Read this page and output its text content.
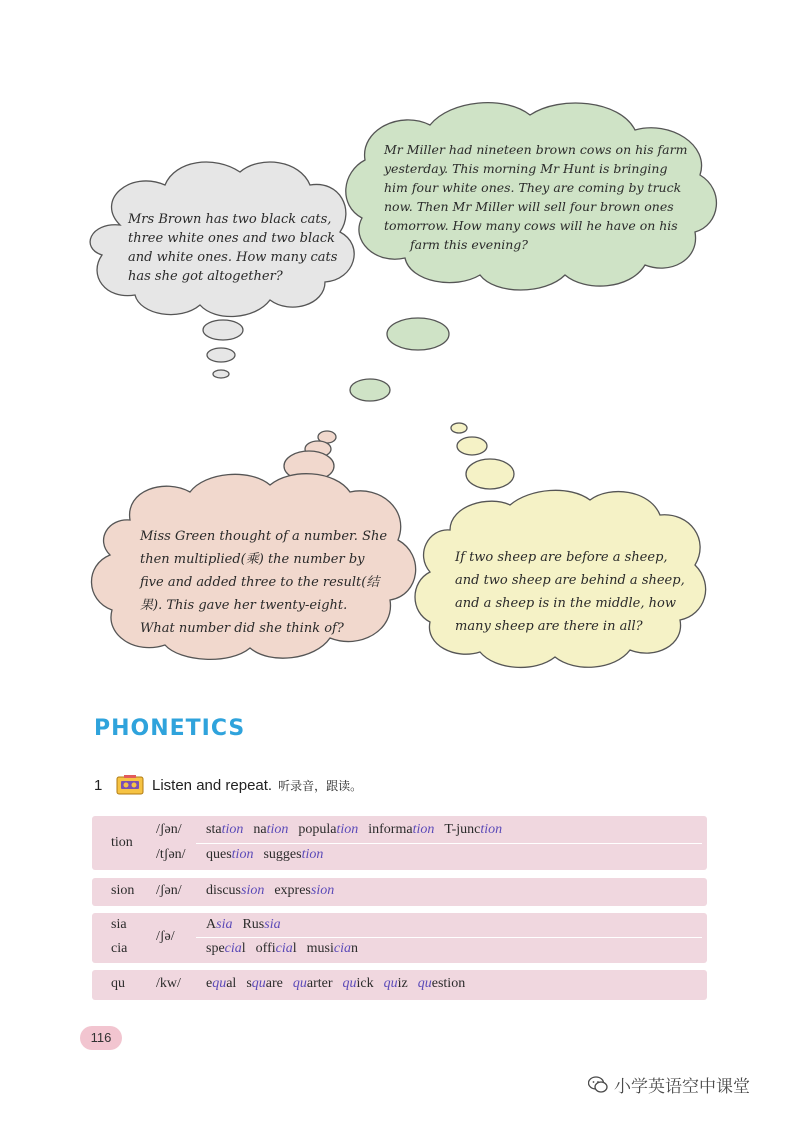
Mrs Brown has two black cats,
three white ones and two black
and white ones. How many cats
has she got altogether?
Mr Miller had nineteen brown cows on his farm
yesterday. This morning Mr Hunt is bringing
him four white ones. They are coming by truck
now. Then Mr Miller will sell four brown ones
tomorrow. How many cows will he have on his
farm this evening?
Miss Green thought of a number. She
then multiplied(乘) the number by
five and added three to the result(结
果). This gave her twenty-eight.
What number did she think of?
If two sheep are before a sheep,
and two sheep are behind a sheep,
and a sheep is in the middle, how
many sheep are there in all?
PHONETICS
1	Listen and repeat. 听录音，跟读。
tion
/ʃən/
/tʃən/
station nation population information T-junction
question suggestion
sion /ʃən/ discussion expression
sia
cia
/ʃə/
Asia Russia
special official musician
qu /kw/ equal square quarter quick quiz question
116
小学英语空中课堂
